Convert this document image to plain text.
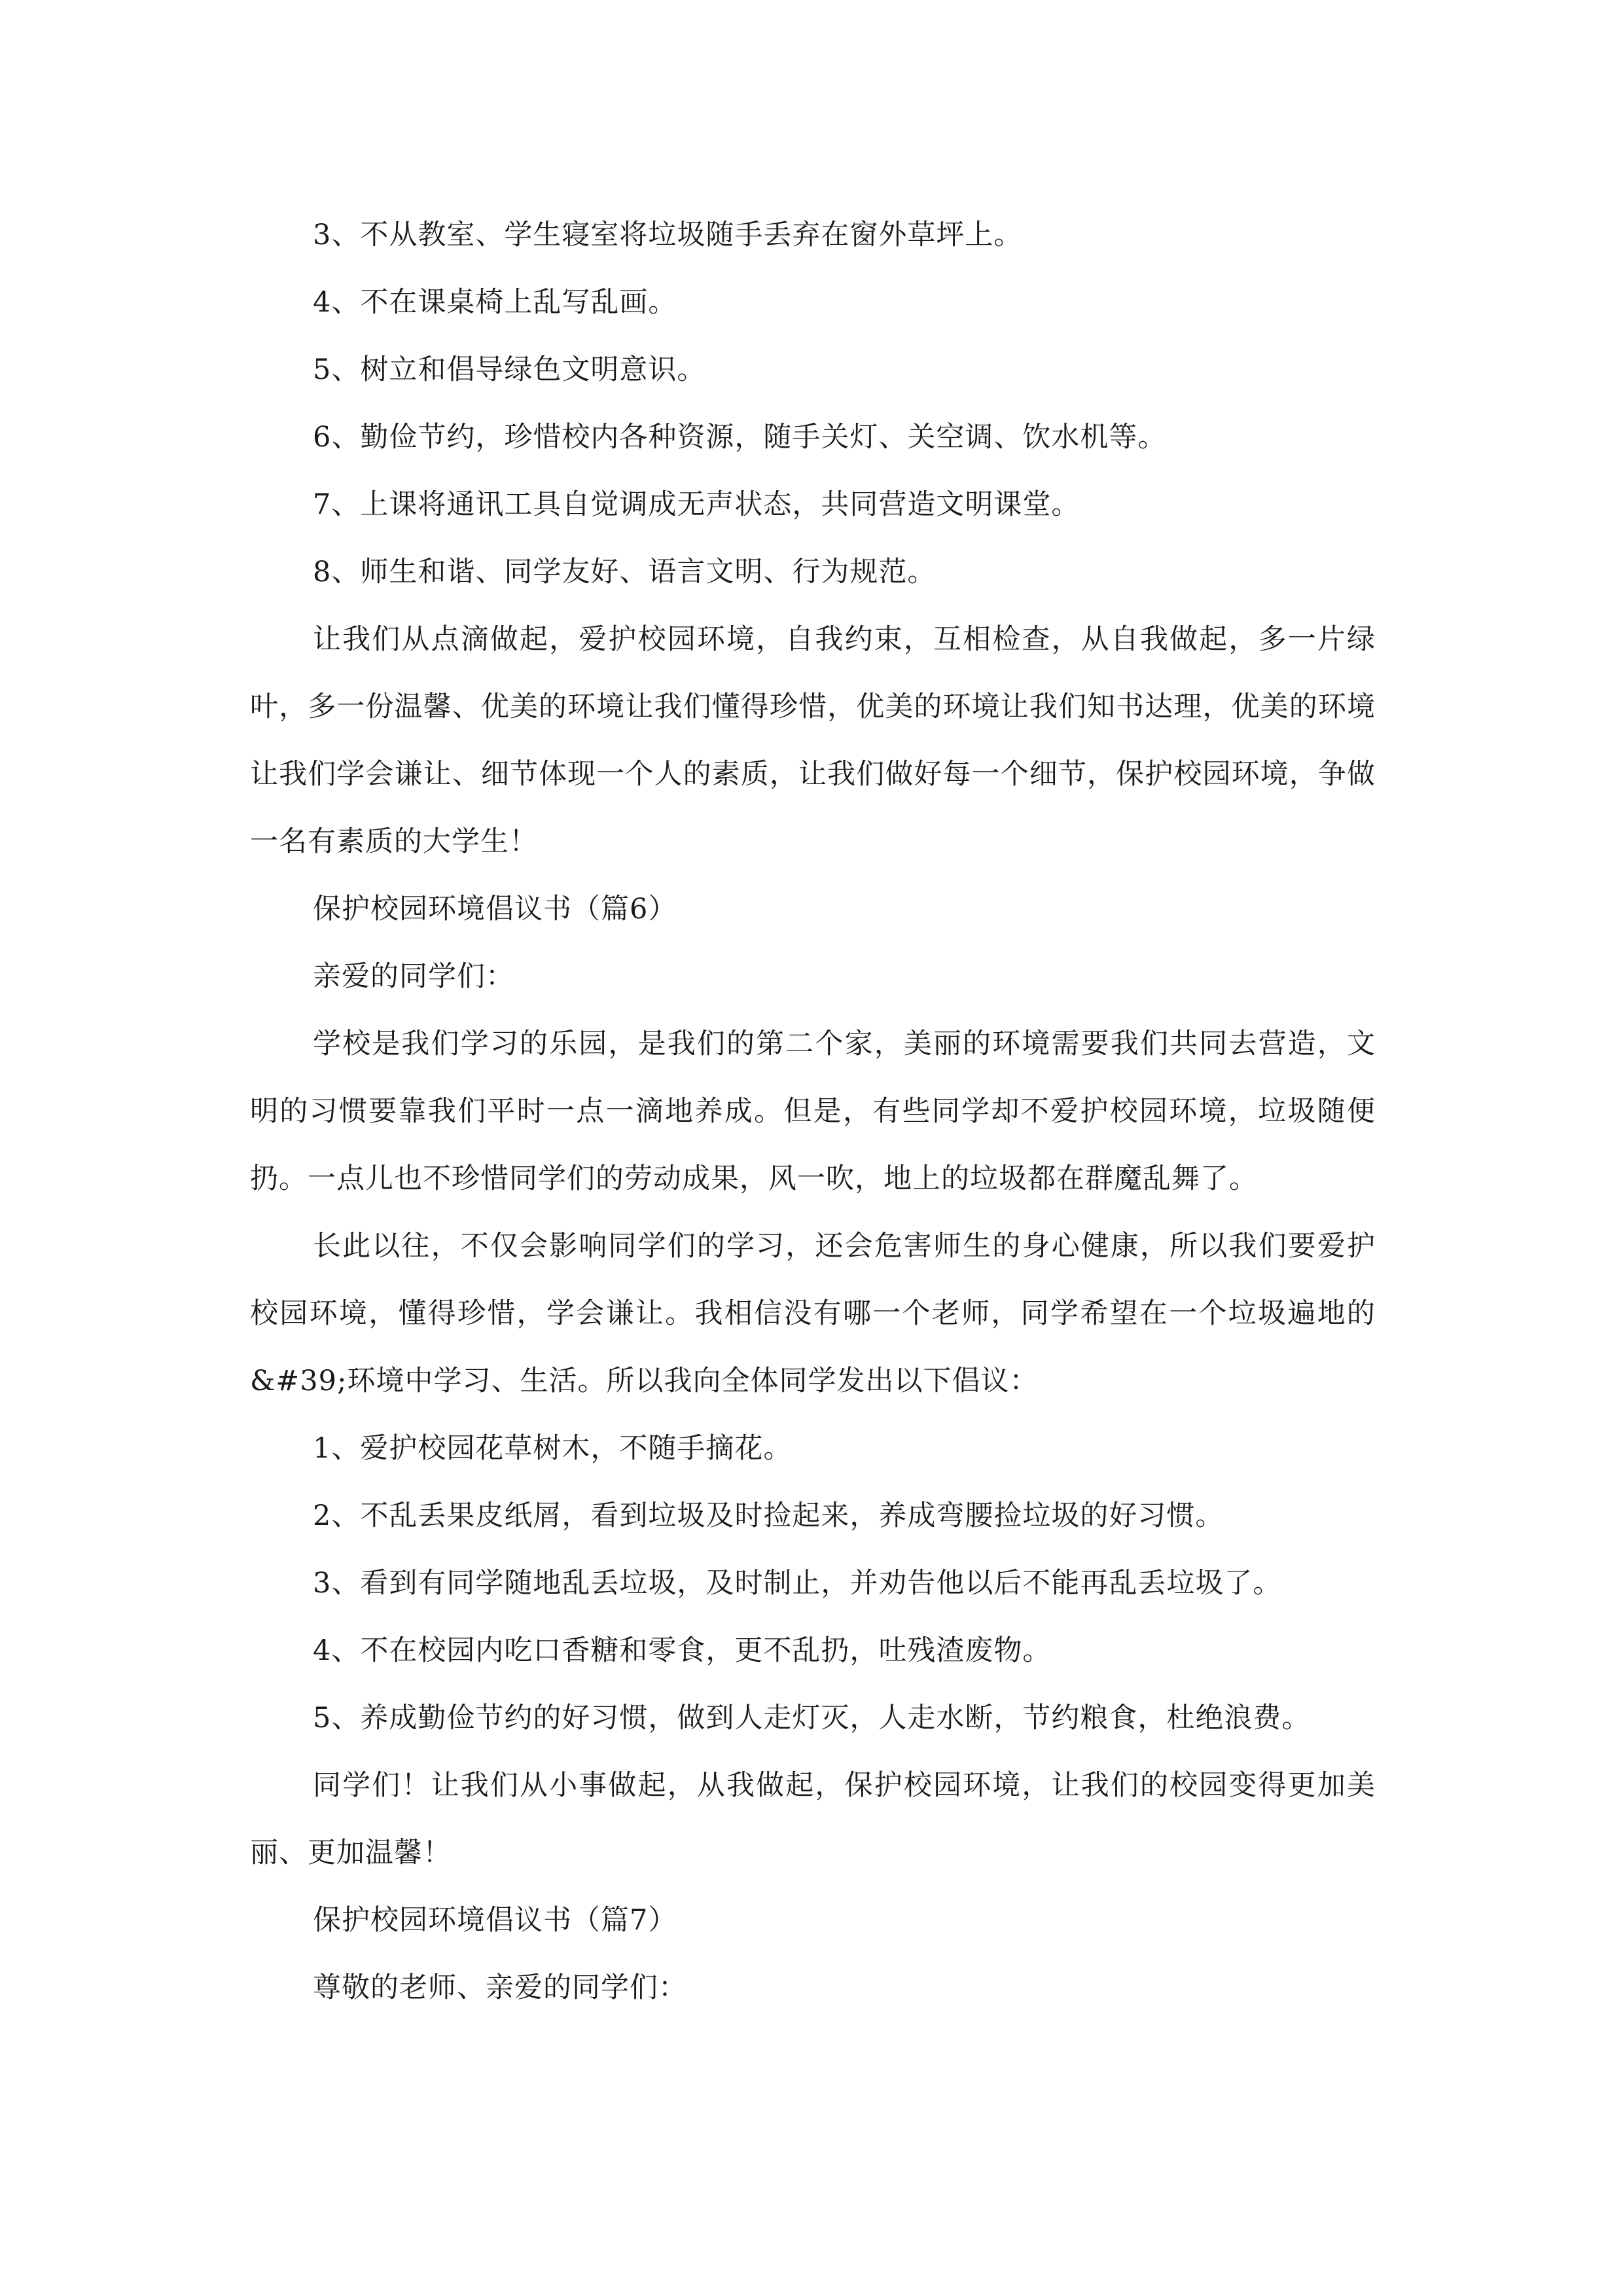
3、不从教室、学生寝室将垃圾随手丢弃在窗外草坪上。

4、不在课桌椅上乱写乱画。

5、树立和倡导绿色文明意识。

6、勤俭节约，珍惜校内各种资源，随手关灯、关空调、饮水机等。

7、上课将通讯工具自觉调成无声状态，共同营造文明课堂。

8、师生和谐、同学友好、语言文明、行为规范。

让我们从点滴做起，爱护校园环境，自我约束，互相检查，从自我做起，多一片绿叶，多一份温馨、优美的环境让我们懂得珍惜，优美的环境让我们知书达理，优美的环境让我们学会谦让、细节体现一个人的素质，让我们做好每一个细节，保护校园环境，争做一名有素质的大学生！

保护校园环境倡议书（篇6）

亲爱的同学们：

学校是我们学习的乐园，是我们的第二个家，美丽的环境需要我们共同去营造，文明的习惯要靠我们平时一点一滴地养成。但是，有些同学却不爱护校园环境，垃圾随便扔。一点儿也不珍惜同学们的劳动成果，风一吹，地上的垃圾都在群魔乱舞了。

长此以往，不仅会影响同学们的学习，还会危害师生的身心健康，所以我们要爱护校园环境，懂得珍惜，学会谦让。我相信没有哪一个老师，同学希望在一个垃圾遍地的&#39;环境中学习、生活。所以我向全体同学发出以下倡议：

1、爱护校园花草树木，不随手摘花。

2、不乱丢果皮纸屑，看到垃圾及时捡起来，养成弯腰捡垃圾的好习惯。

3、看到有同学随地乱丢垃圾，及时制止，并劝告他以后不能再乱丢垃圾了。

4、不在校园内吃口香糖和零食，更不乱扔，吐残渣废物。

5、养成勤俭节约的好习惯，做到人走灯灭，人走水断，节约粮食，杜绝浪费。

同学们！让我们从小事做起，从我做起，保护校园环境，让我们的校园变得更加美丽、更加温馨！

保护校园环境倡议书（篇7）

尊敬的老师、亲爱的同学们：
